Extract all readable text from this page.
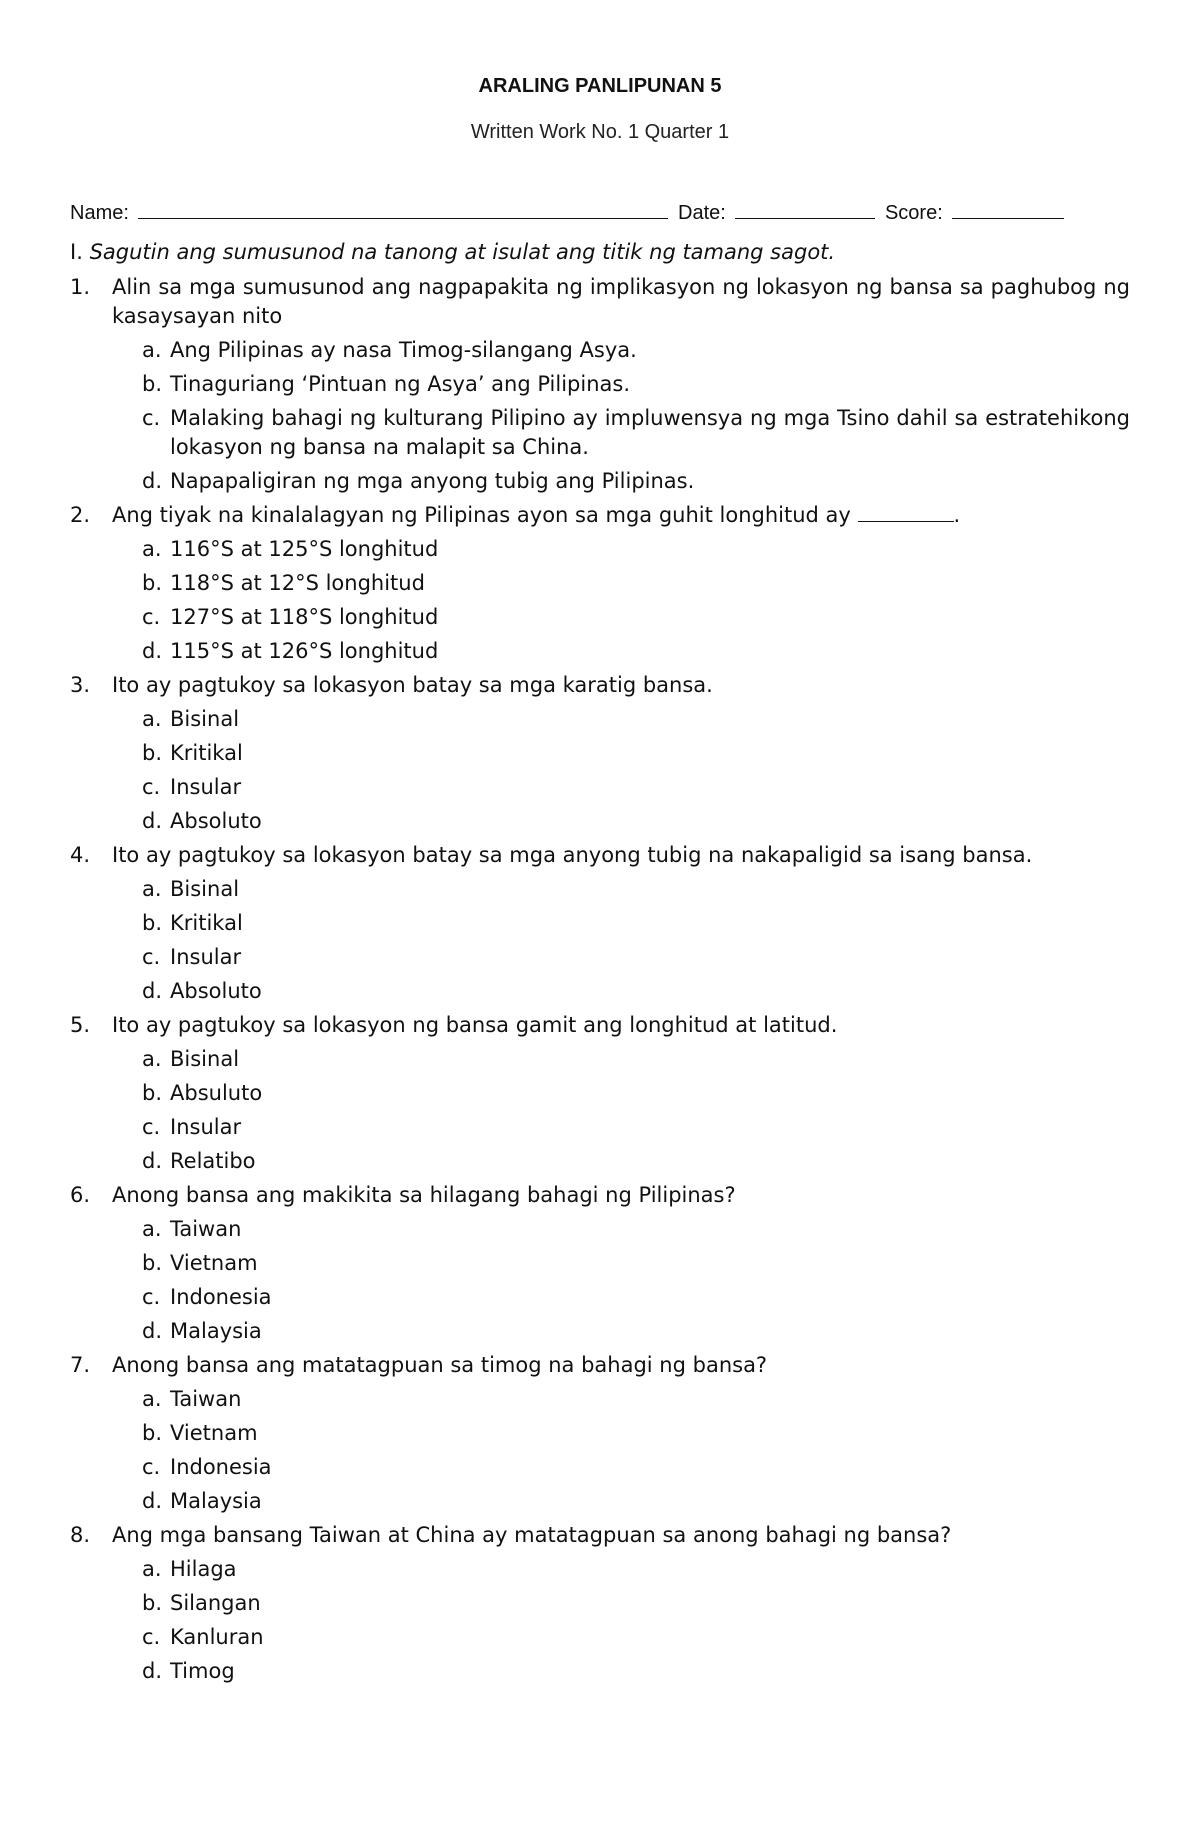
ARALING PANLIPUNAN 5

Written Work No. 1 Quarter 1

Name:	Date:	Score:
I. Sagutin ang sumusunod na tanong at isulat ang titik ng tamang sagot.
1. Alin sa mga sumusunod ang nagpapakita ng implikasyon ng lokasyon ng bansa sa paghubog ng kasaysayan nito
a. Ang Pilipinas ay nasa Timog-silangang Asya.
b. Tinaguriang ‘Pintuan ng Asya’ ang Pilipinas.
c. Malaking bahagi ng kulturang Pilipino ay impluwensya ng mga Tsino dahil sa estratehikong lokasyon ng bansa na malapit sa China.
d. Napapaligiran ng mga anyong tubig ang Pilipinas.
2. Ang tiyak na kinalalagyan ng Pilipinas ayon sa mga guhit longhitud ay	.
a. 116°S at 125°S longhitud
b. 118°S at 12°S longhitud
c. 127°S at 118°S longhitud
d. 115°S at 126°S longhitud
3. Ito ay pagtukoy sa lokasyon batay sa mga karatig bansa.
a. Bisinal
b. Kritikal
c. Insular
d. Absoluto
4. Ito ay pagtukoy sa lokasyon batay sa mga anyong tubig na nakapaligid sa isang bansa.
a. Bisinal
b. Kritikal
c. Insular
d. Absoluto
5. Ito ay pagtukoy sa lokasyon ng bansa gamit ang longhitud at latitud.
a. Bisinal
b. Absuluto
c. Insular
d. Relatibo
6. Anong bansa ang makikita sa hilagang bahagi ng Pilipinas?
a. Taiwan
b. Vietnam
c. Indonesia
d. Malaysia
7. Anong bansa ang matatagpuan sa timog na bahagi ng bansa?
a. Taiwan
b. Vietnam
c. Indonesia
d. Malaysia
8. Ang mga bansang Taiwan at China ay matatagpuan sa anong bahagi ng bansa?
a. Hilaga
b. Silangan
c. Kanluran
d. Timog
